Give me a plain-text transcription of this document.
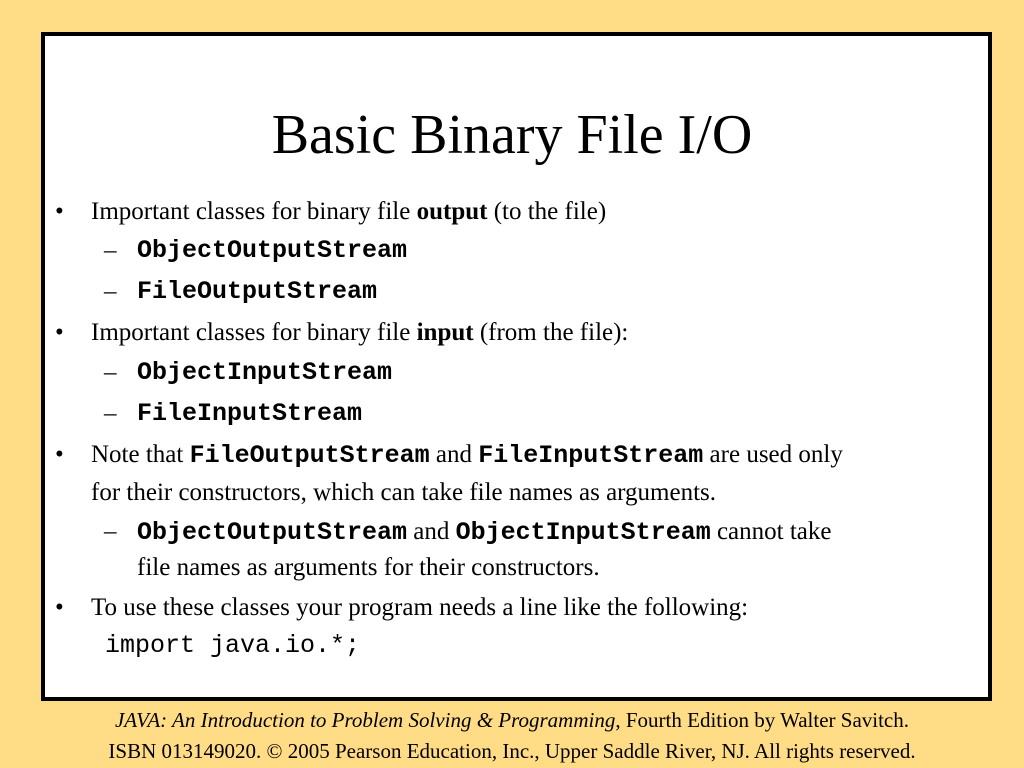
Basic Binary File I/O
•	Important classes for binary file output (to the file)
– ObjectOutputStream
– FileOutputStream
•	Important classes for binary file input (from the file):
– ObjectInputStream
– FileInputStream
•	Note that FileOutputStream and FileInputStream are used only
for their constructors, which can take file names as arguments.
– ObjectOutputStream and ObjectInputStream cannot take
file names as arguments for their constructors.
•	To use these classes your program needs a line like the following:
import java.io.*;
JAVA: An Introduction to Problem Solving & Programming, Fourth Edition by Walter Savitch.
ISBN 013149020. © 2005 Pearson Education, Inc., Upper Saddle River, NJ. All rights reserved.
